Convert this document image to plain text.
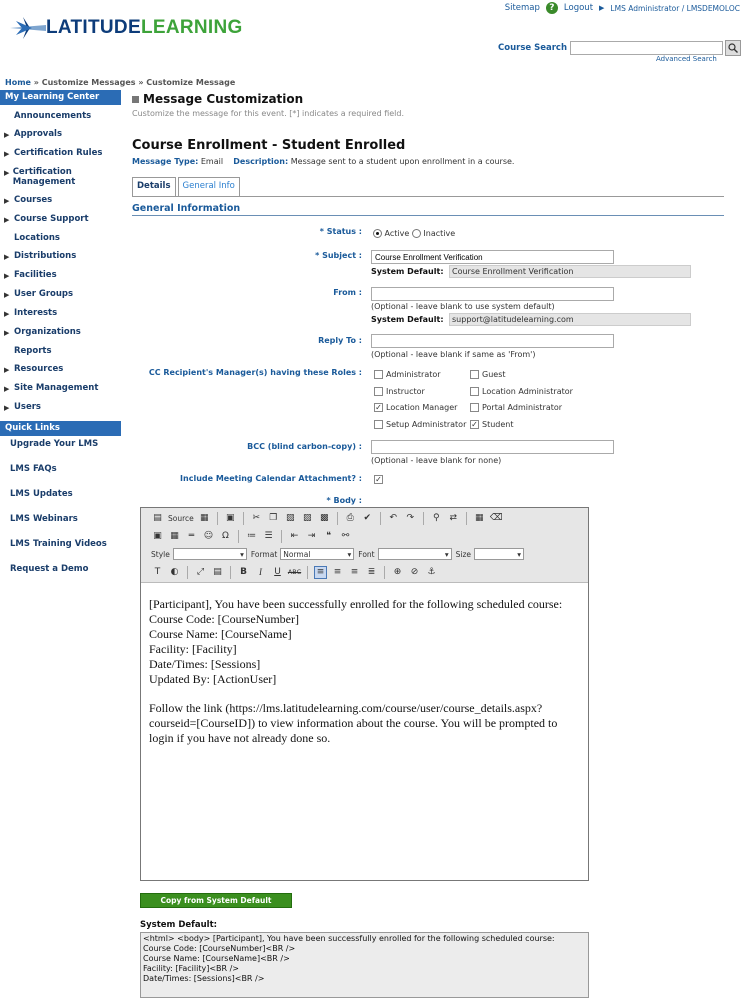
LATITUDE LEARNING
Sitemap	?	Logout ▶ LMS Administrator / LMSDEMOLOC
Course Search
Advanced Search
Home » Customize Messages » Customize Message
My Learning Center
Announcements
▶ Approvals
▶ Certification Rules
▶ Certification Management
▶ Courses
▶ Course Support
Locations
▶ Distributions
▶ Facilities
▶ User Groups
▶ Interests
▶ Organizations
Reports
▶ Resources
▶ Site Management
▶ Users
Quick Links
Upgrade Your LMS
LMS FAQs
LMS Updates
LMS Webinars
LMS Training Videos
Request a Demo
Message Customization
Customize the message for this event. [*] indicates a required field.
Course Enrollment - Student Enrolled
Message Type: Email Description: Message sent to a student upon enrollment in a course.
Details	General Info
General Information
* Status :	Active Inactive
* Subject :
Course Enrollment Verification
System Default:	Course Enrollment Verification
From :
(Optional - leave blank to use system default)
System Default:	support@latitudelearning.com
Reply To :
(Optional - leave blank if same as 'From')
CC Recipient's Manager(s) having these Roles :	Administrator	Guest
Instructor	Location Administrator
✓ Location Manager	Portal Administrator
Setup Administrator ✓ Student
BCC (blind carbon-copy) :
(Optional - leave blank for none)
Include Meeting Calendar Attachment? : ✓
* Body :
▤ Source ▦ ▣	✂	❐ ▧ ▨ ▩	⎙	✔	↶	↷	⚲	⇄	▦ ⌫
▣ ▦	═	☺ Ω	≔ ☰	⇤	⇥	❝	⚯
Style	▾ Format Normal	▾ Font	▾ Size	▾
T	◐	⤢	▤	B	I	U	ABC	≡	≡	≡	≣	⊕	⊘	⚓

[Participant], You have been successfully enrolled for the following scheduled course:
Course Code: [CourseNumber]
Course Name: [CourseName]
Facility: [Facility]
Date/Times: [Sessions]
Updated By: [ActionUser]

Follow the link (https://lms.latitudelearning.com/course/user/course_details.aspx?courseid=[CourseID]) to view information about the course. You will be prompted to login if you have not already done so.

Copy from System Default
System Default:
<html> <body> [Participant], You have been successfully enrolled for the following scheduled course:
Course Code: [CourseNumber]<BR />
Course Name: [CourseName]<BR />
Facility: [Facility]<BR />
Date/Times: [Sessions]<BR />
